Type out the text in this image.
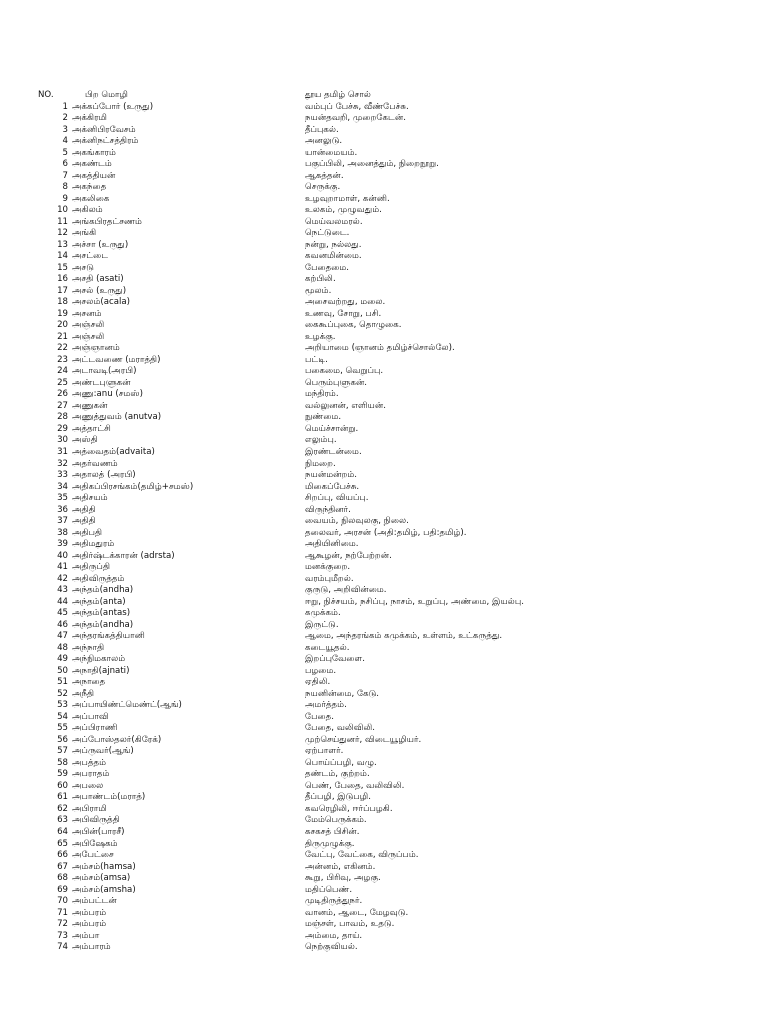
NO.	பிற மொழி	தூய தமிழ் சொல்
1 அக்கப்போர் (உருது)	வம்புப் பேச்சு, வீண்பேச்சு.
2 அக்கிரமி	நயன்தவறி, முறைகேடன்.
3 அக்னிபிரவேசம்	தீப்புகல்.
4 அக்னிநட்சத்திரம்	அனலுடு.
5 அகங்காரம்	யான்மையம்.
6 அகண்டம்	பகுப்பிலி, அனைத்தும், நிறைநூறு.
7 அகத்தியன்	ஆகத்தன்.
8 அகந்தை	செருக்கு.
9 அகலிகை	உழவுறாமாள், கன்னி.
10 அகிலம்	உலகம், முழுவதும்.
11 அங்கபிரதட்சணம்	மெய்வலமரல்.
12 அங்கி	நெட்டுடை.
13 அச்சா (உருது)	நன்று, நல்லது.
14 அசட்டை	கவனமின்மை.
15 அசடு	பேதைமை.
16 அசதி (asati)	கற்பிலி.
17 அசல் (உருது)	மூலம்.
18 அசலம்(acala)	அசைவற்றது, மலை.
19 அசனம்	உணவு, சோறு, பசி.
20 அஞ்சலி	கைகூப்புகை, தொழுகை.
21 அஞ்சலி	உழக்கு.
22 அஞ்ஞானம்	அறியாமை (ஞானம் தமிழ்ச்சொல்லே).
23 அட்டவணை (மராத்தி)	பட்டி.
24 அடாவடி(அரபி)	பகைமை, வெறுப்பு.
25 அண்டபுளுகன்	பெரும்புளுகன்.
26 அணு:anu (சமஸ்)	மந்திரம்.
27 அணுகன்	வல்லுனன், எளியன்.
28 அணுத்துவம் (anutva)	நுண்மை.
29 அத்தாட்சி	மெய்ச்சான்று.
30 அஸ்தி	எலும்பு.
31 அத்வைதம்(advaita)	இரண்டன்மை.
32 அதர்வணம்	நிமறை.
33 அதாலத் (அரபி)	நயன்மன்றம்.
34 அதிகப்பிரசங்கம்(தமிழ்+சமஸ்)	மிகைப்பேச்சு.
35 அதிசயம்	சிறப்பு, வியப்பு.
36 அதிதி	விருந்தினர்.
37 அதிதி	வையம், நிலவுலகு, நிலை.
38 அதிபதி	தலைவர், அரசன் (அதி:தமிழ், பதி:தமிழ்).
39 அதிமதுரம்	அதியினிமை.
40 அதிர்ஷ்டக்காரன் (adrsta)	ஆகூழன், நற்பேற்றன்.
41 அதிருப்தி	மனக்குறை.
42 அதிவிருத்தம்	வரம்புமீறல்.
43 அந்தம்(andha)	குருடு, அறிவின்மை.
44 அந்தம்(anta)	ஈறு, நிச்சயம், நசிப்பு, நாசம், உறுப்பு, அண்மை, இயல்பு.
45 அந்தம்(antas)	கமுக்கம்.
46 அந்தம்(andha)	இருட்டு.
47 அந்தரங்கத்தியானி	ஆமை, அந்தரங்கம் கமுக்கம், உள்ளம், உட்கருத்து.
48 அந்நாதி	கடையூதல்.
49 அந்நிமகாலம்	இறப்புவேளை.
50 அநாதி(ajnati)	பழமை.
51 அநாதை	ஏதிலி.
52 அநீதி	நயனின்மை, கேடு.
53 அப்பாயிண்ட்மெண்ட்(ஆங்)	அமர்த்தம்.
54 அப்பாவி	பேதை.
55 அப்பிராணி	பேதை, வலிவிலி.
56 அப்போஸ்தலர்(கிரேக்)	முற்செய்துனர், விடையூழியர்.
57 அப்ருவர்(ஆங்)	ஏற்பாளர்.
58 அபத்தம்	பொய்ப்பழி, வழு.
59 அபராதம்	தண்டம், குற்றம்.
60 அபலை	பெண், பேதை, வலிவிலி.
61 அபாண்டம்(மராத்)	தீப்பழி, இடுபழி.
62 அபிராமி	கவரெழிலி, ஈர்ப்பழகி.
63 அபிவிருத்தி	மேம்பெருக்கம்.
64 அபின்(பாரசீ)	கசகசத் பிசின்.
65 அபிஷேகம்	திருமுழுக்கு.
66 அபேட்சை	வேட்பு, வேட்கை, விருப்பம்.
67 அம்சம்(hamsa)	அன்னம், எகினம்.
68 அம்சம்(amsa)	கூறு, பிரிவு, அழகு.
69 அம்சம்(amsha)	மதிப்பெண்.
70 அம்பட்டன்	முடிதிருத்துநர்.
71 அம்பரம்	வானம், ஆடை, மேழவுடு.
72 அம்பரம்	மஞ்சள், பாவம், உதடு.
73 அம்பா	அம்மை, தாய்.
74 அம்பாரம்	நெற்குவியல்.
